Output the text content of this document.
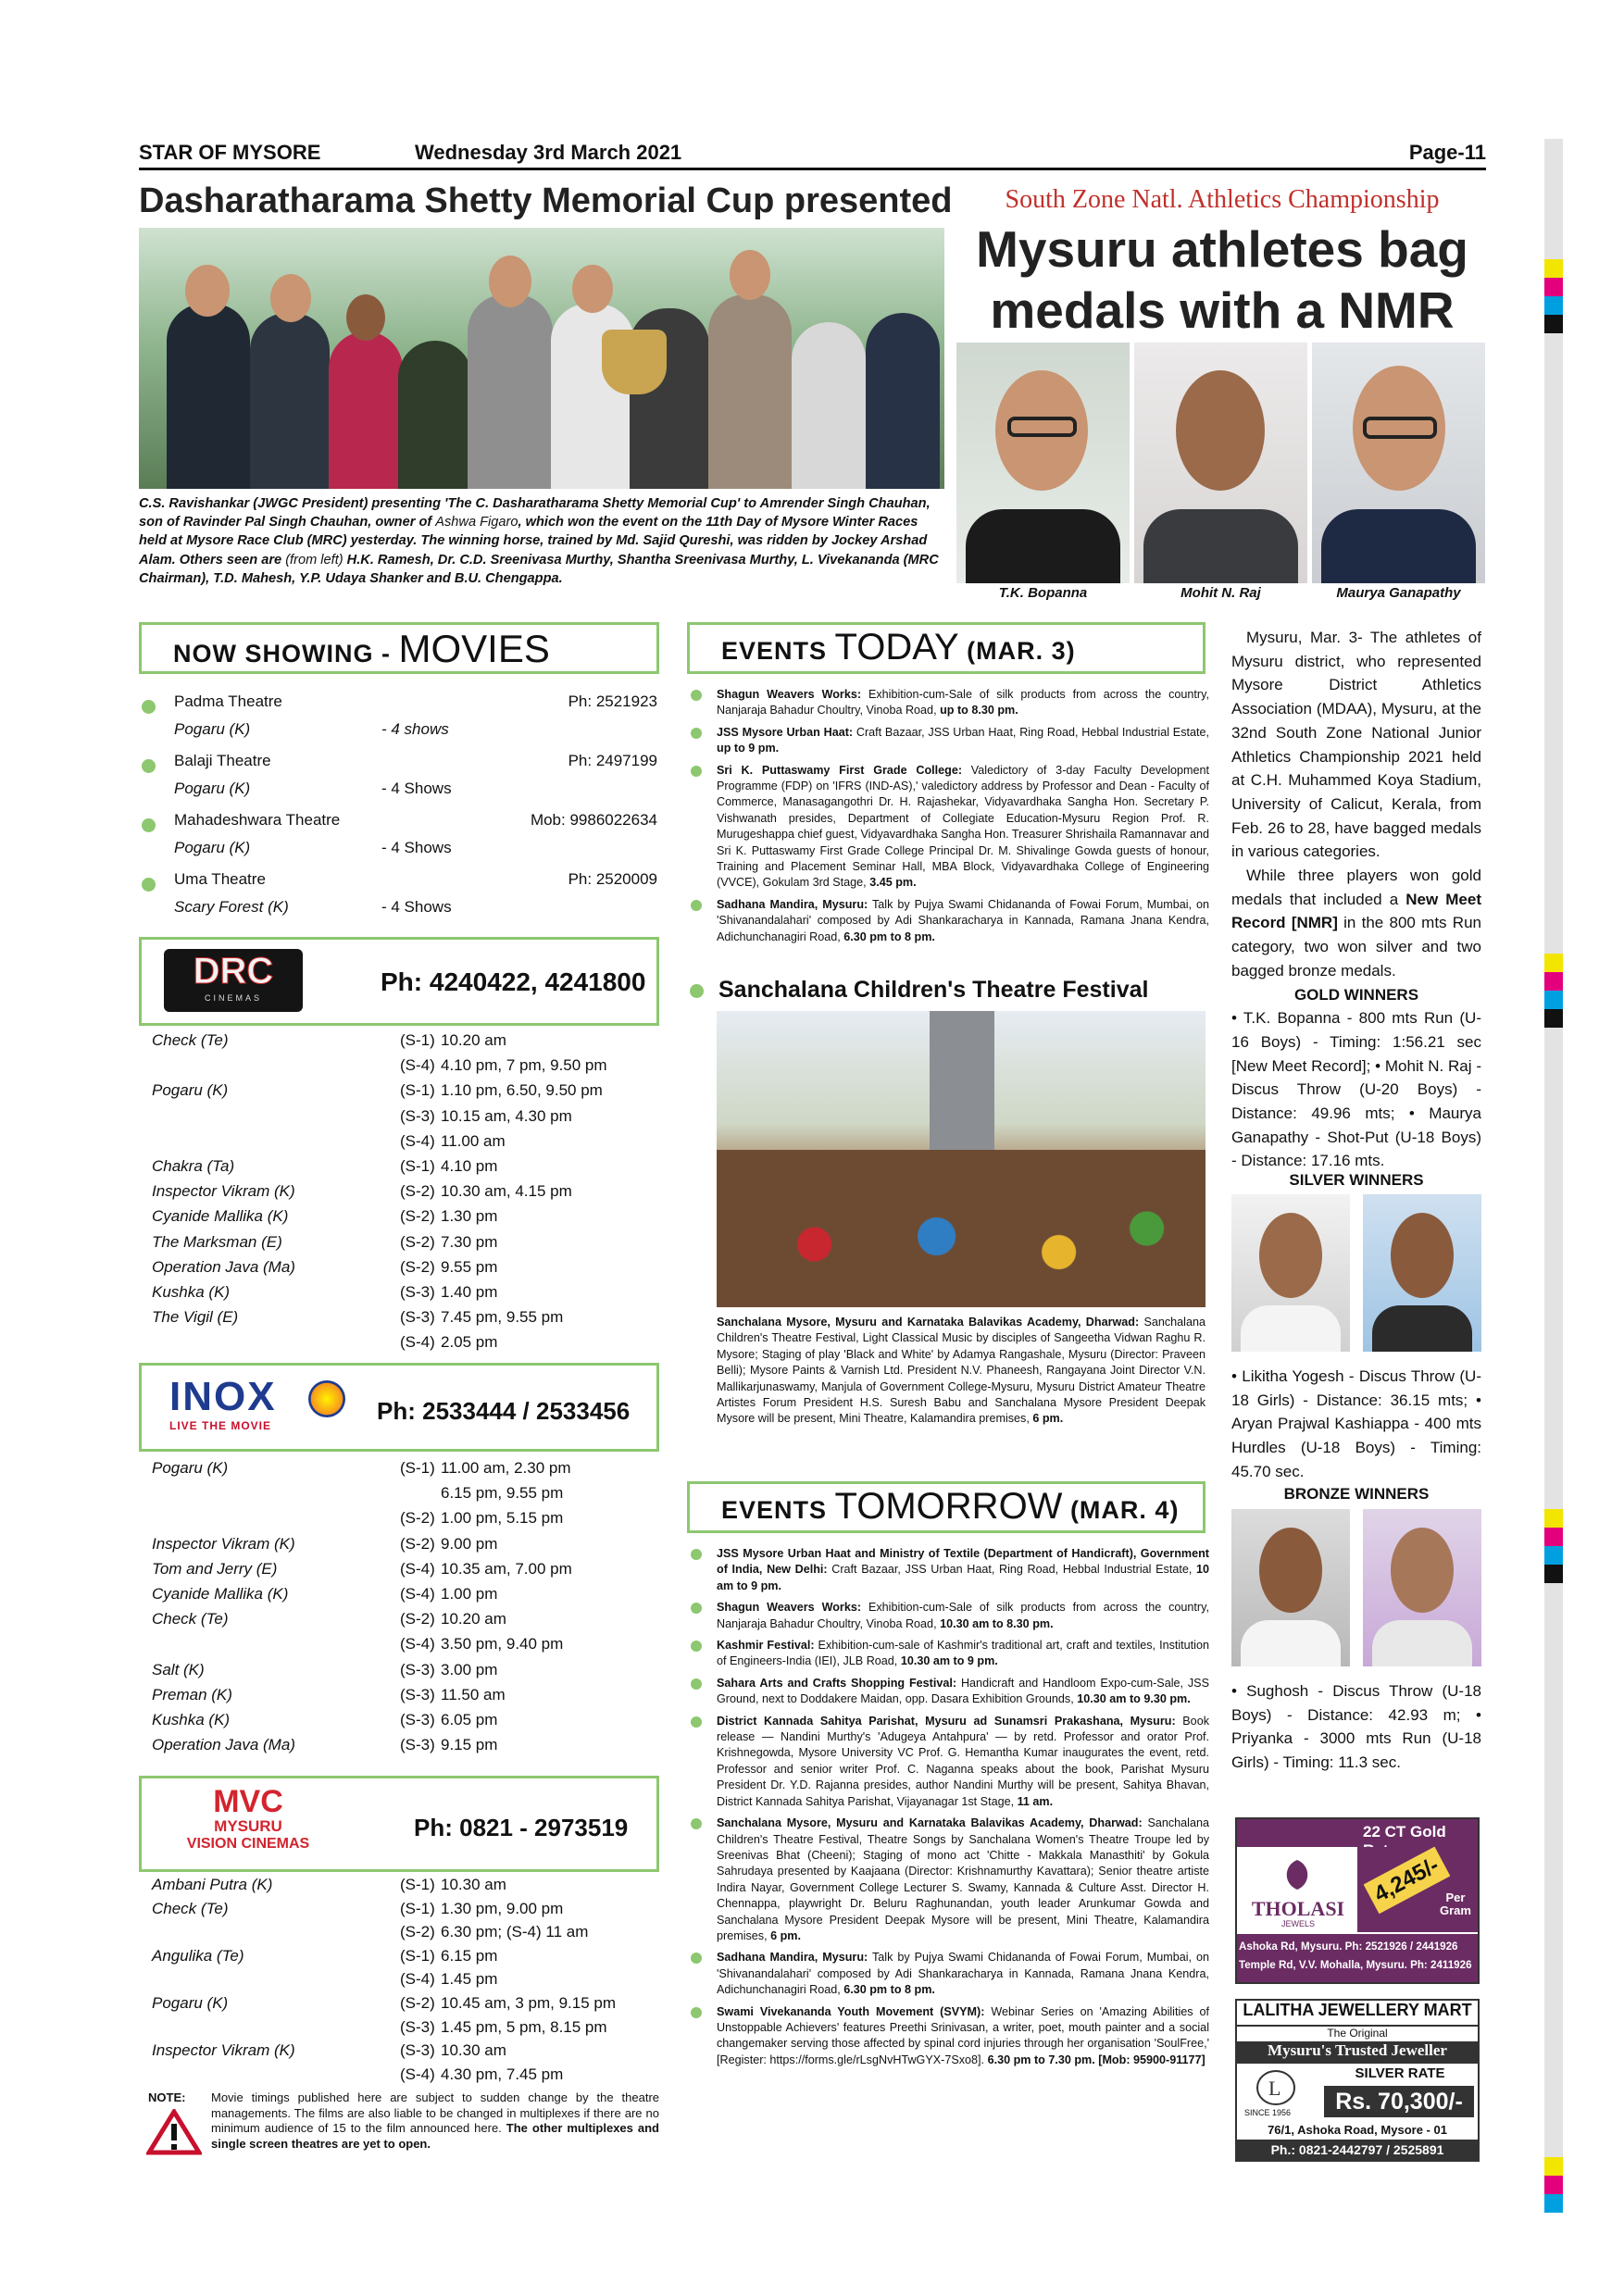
STAR OF MYSORE	Wednesday 3rd March 2021	Page-11
Dasharatharama Shetty Memorial Cup presented
C.S. Ravishankar (JWGC President) presenting 'The C. Dasharatharama Shetty Memorial Cup' to Amrender Singh Chauhan, son of Ravinder Pal Singh Chauhan, owner of Ashwa Figaro, which won the event on the 11th Day of Mysore Winter Races held at Mysore Race Club (MRC) yesterday. The winning horse, trained by Md. Sajid Qureshi, was ridden by Jockey Arshad Alam. Others seen are (from left) H.K. Ramesh, Dr. C.D. Sreenivasa Murthy, Shantha Sreenivasa Murthy, L. Vivekananda (MRC Chairman), T.D. Mahesh, Y.P. Udaya Shanker and B.U. Chengappa.
South Zone Natl. Athletics Championship
Mysuru athletes bag
medals with a NMR
T.K. Bopanna	Mohit N. Raj	Maurya Ganapathy

Mysuru, Mar. 3- The athletes of Mysuru district, who represented Mysore District Athletics Association (MDAA), Mysuru, at the 32nd South Zone National Junior Athletics Championship 2021 held at C.H. Muhammed Koya Stadium, University of Calicut, Kerala, from Feb. 26 to 28, have bagged medals in various categories.

While three players won gold medals that included a New Meet Record [NMR] in the 800 mts Run category, two won silver and two bagged bronze medals.

GOLD WINNERS

• T.K. Bopanna - 800 mts Run (U-16 Boys) - Timing: 1:56.21 sec [New Meet Record]; • Mohit N. Raj - Discus Throw (U-20 Boys) - Distance: 49.96 mts; • Maurya Ganapathy - Shot-Put (U-18 Boys) - Distance: 17.16 mts.

SILVER WINNERS
• Likitha Yogesh - Discus Throw (U-18 Girls) - Distance: 36.15 mts; • Aryan Prajwal Kashiappa - 400 mts Hurdles (U-18 Boys) - Timing: 45.70 sec.
BRONZE WINNERS
• Sughosh - Discus Throw (U-18 Boys) - Distance: 42.93 m; • Priyanka - 3000 mts Run (U-18 Girls) - Timing: 11.3 sec.
NOW SHOWING - MOVIES
Padma Theatre	Ph: 2521923
Pogaru (K)	- 4 shows
Balaji Theatre	Ph: 2497199
Pogaru (K)	- 4 Shows
Mahadeshwara Theatre	Mob: 9986022634
Pogaru (K)	- 4 Shows
Uma Theatre	Ph: 2520009
Scary Forest (K)	- 4 Shows
DRC
CINEMAS
Ph: 4240422, 4241800
Check (Te)	(S-1) 10.20 am
(S-4) 4.10 pm, 7 pm, 9.50 pm
Pogaru (K)	(S-1) 1.10 pm, 6.50, 9.50 pm
(S-3) 10.15 am, 4.30 pm
(S-4) 11.00 am
Chakra (Ta)	(S-1) 4.10 pm
Inspector Vikram (K)	(S-2) 10.30 am, 4.15 pm
Cyanide Mallika (K)	(S-2) 1.30 pm
The Marksman (E)	(S-2) 7.30 pm
Operation Java (Ma)	(S-2) 9.55 pm
Kushka (K)	(S-3) 1.40 pm
The Vigil (E)	(S-3) 7.45 pm, 9.55 pm
(S-4) 2.05 pm
INOX
LIVE THE MOVIE
Ph: 2533444 / 2533456
Pogaru (K)	(S-1) 11.00 am, 2.30 pm
6.15 pm, 9.55 pm
(S-2) 1.00 pm, 5.15 pm
Inspector Vikram (K)	(S-2) 9.00 pm
Tom and Jerry (E)	(S-4) 10.35 am, 7.00 pm
Cyanide Mallika (K)	(S-4) 1.00 pm
Check (Te)	(S-2) 10.20 am
(S-4) 3.50 pm, 9.40 pm
Salt (K)	(S-3) 3.00 pm
Preman (K)	(S-3) 11.50 am
Kushka (K)	(S-3) 6.05 pm
Operation Java (Ma)	(S-3) 9.15 pm
MVC
MYSURU
VISION CINEMAS
Ph: 0821 - 2973519
Ambani Putra (K)	(S-1) 10.30 am
Check (Te)	(S-1) 1.30 pm, 9.00 pm
(S-2) 6.30 pm; (S-4) 11 am
Angulika (Te)	(S-1) 6.15 pm
(S-4) 1.45 pm
Pogaru (K)	(S-2) 10.45 am, 3 pm, 9.15 pm
(S-3) 1.45 pm, 5 pm, 8.15 pm
Inspector Vikram (K)	(S-3) 10.30 am
(S-4) 4.30 pm, 7.45 pm
NOTE: Movie timings published here are subject to sudden change by the theatre managements. The films are also liable to be changed in multiplexes if there are no minimum audience of 15 to the film announced here. The other multiplexes and single screen theatres are yet to open.
EVENTS TODAY (MAR. 3)
Shagun Weavers Works: Exhibition-cum-Sale of silk products from across the country, Nanjaraja Bahadur Choultry, Vinoba Road, up to 8.30 pm.
JSS Mysore Urban Haat: Craft Bazaar, JSS Urban Haat, Ring Road, Hebbal Industrial Estate, up to 9 pm.
Sri K. Puttaswamy First Grade College: Valedictory of 3-day Faculty Development Programme (FDP) on 'IFRS (IND-AS),' valedictory address by Professor and Dean - Faculty of Commerce, Manasagangothri Dr. H. Rajashekar, Vidyavardhaka Sangha Hon. Secretary P. Vishwanath presides, Department of Collegiate Education-Mysuru Region Prof. R. Murugeshappa chief guest, Vidyavardhaka Sangha Hon. Treasurer Shrishaila Ramannavar and Sri K. Puttaswamy First Grade College Principal Dr. M. Shivalinge Gowda guests of honour, Training and Placement Seminar Hall, MBA Block, Vidyavardhaka College of Engineering (VVCE), Gokulam 3rd Stage, 3.45 pm.
Sadhana Mandira, Mysuru: Talk by Pujya Swami Chidananda of Fowai Forum, Mumbai, on 'Shivanandalahari' composed by Adi Shankaracharya in Kannada, Ramana Jnana Kendra, Adichunchanagiri Road, 6.30 pm to 8 pm.
Sanchalana Children's Theatre Festival
Sanchalana Mysore, Mysuru and Karnataka Balavikas Academy, Dharwad: Sanchalana Children's Theatre Festival, Light Classical Music by disciples of Sangeetha Vidwan Raghu R. Mysore; Staging of play 'Black and White' by Adamya Rangashale, Mysuru (Director: Praveen Belli); Mysore Paints & Varnish Ltd. President N.V. Phaneesh, Rangayana Joint Director V.N. Mallikarjunaswamy, Manjula of Government College-Mysuru, Mysuru District Amateur Theatre Artistes Forum President H.S. Suresh Babu and Sanchalana Mysore President Deepak Mysore will be present, Mini Theatre, Kalamandira premises, 6 pm.
EVENTS TOMORROW (MAR. 4)
JSS Mysore Urban Haat and Ministry of Textile (Department of Handicraft), Government of India, New Delhi: Craft Bazaar, JSS Urban Haat, Ring Road, Hebbal Industrial Estate, 10 am to 9 pm.
Shagun Weavers Works: Exhibition-cum-Sale of silk products from across the country, Nanjaraja Bahadur Choultry, Vinoba Road, 10.30 am to 8.30 pm.
Kashmir Festival: Exhibition-cum-sale of Kashmir's traditional art, craft and textiles, Institution of Engineers-India (IEI), JLB Road, 10.30 am to 9 pm.
Sahara Arts and Crafts Shopping Festival: Handicraft and Handloom Expo-cum-Sale, JSS Ground, next to Doddakere Maidan, opp. Dasara Exhibition Grounds, 10.30 am to 9.30 pm.
District Kannada Sahitya Parishat, Mysuru ad Sunamsri Prakashana, Mysuru: Book release — Nandini Murthy's 'Adugeya Antahpura' — by retd. Professor and orator Prof. Krishnegowda, Mysore University VC Prof. G. Hemantha Kumar inaugurates the event, retd. Professor and senior writer Prof. C. Naganna speaks about the book, Parishat Mysuru President Dr. Y.D. Rajanna presides, author Nandini Murthy will be present, Sahitya Bhavan, District Kannada Sahitya Parishat, Vijayanagar 1st Stage, 11 am.
Sanchalana Mysore, Mysuru and Karnataka Balavikas Academy, Dharwad: Sanchalana Children's Theatre Festival, Theatre Songs by Sanchalana Women's Theatre Troupe led by Sreenivas Bhat (Cheeni); Staging of mono act 'Chitte - Makkala Manasthiti' by Gokula Sahrudaya presented by Kaajaana (Director: Krishnamurthy Kavattara); Senior theatre artiste Indira Nayar, Government College Lecturer S. Swamy, Kannada & Culture Asst. Director H. Chennappa, playwright Dr. Beluru Raghunandan, youth leader Arunkumar Gowda and Sanchalana Mysore President Deepak Mysore will be present, Mini Theatre, Kalamandira premises, 6 pm.
Sadhana Mandira, Mysuru: Talk by Pujya Swami Chidananda of Fowai Forum, Mumbai, on 'Shivanandalahari' composed by Adi Shankaracharya in Kannada, Ramana Jnana Kendra, Adichunchanagiri Road, 6.30 pm to 8 pm.
Swami Vivekananda Youth Movement (SVYM): Webinar Series on 'Amazing Abilities of Unstoppable Achievers' features Preethi Srinivasan, a writer, poet, mouth painter and a social changemaker serving those affected by spinal cord injuries through her organisation 'SoulFree,' [Register: https://forms.gle/rLsgNvHTwGYX-7Sxo8]. 6.30 pm to 7.30 pm. [Mob: 95900-91177]
22 CT Gold
THOLASI
JEWELS
4,245/- Per Gram
Ashoka Rd, Mysuru. Ph: 2521926 / 2441926
Temple Rd, V.V. Mohalla, Mysuru. Ph: 2411926
LALITHA JEWELLERY MART
The Original
Mysuru's Trusted Jeweller
SILVER RATE
L
SINCE 1956	Rs. 70,300/-
76/1, Ashoka Road, Mysore - 01
Ph.: 0821-2442797 / 2525891
